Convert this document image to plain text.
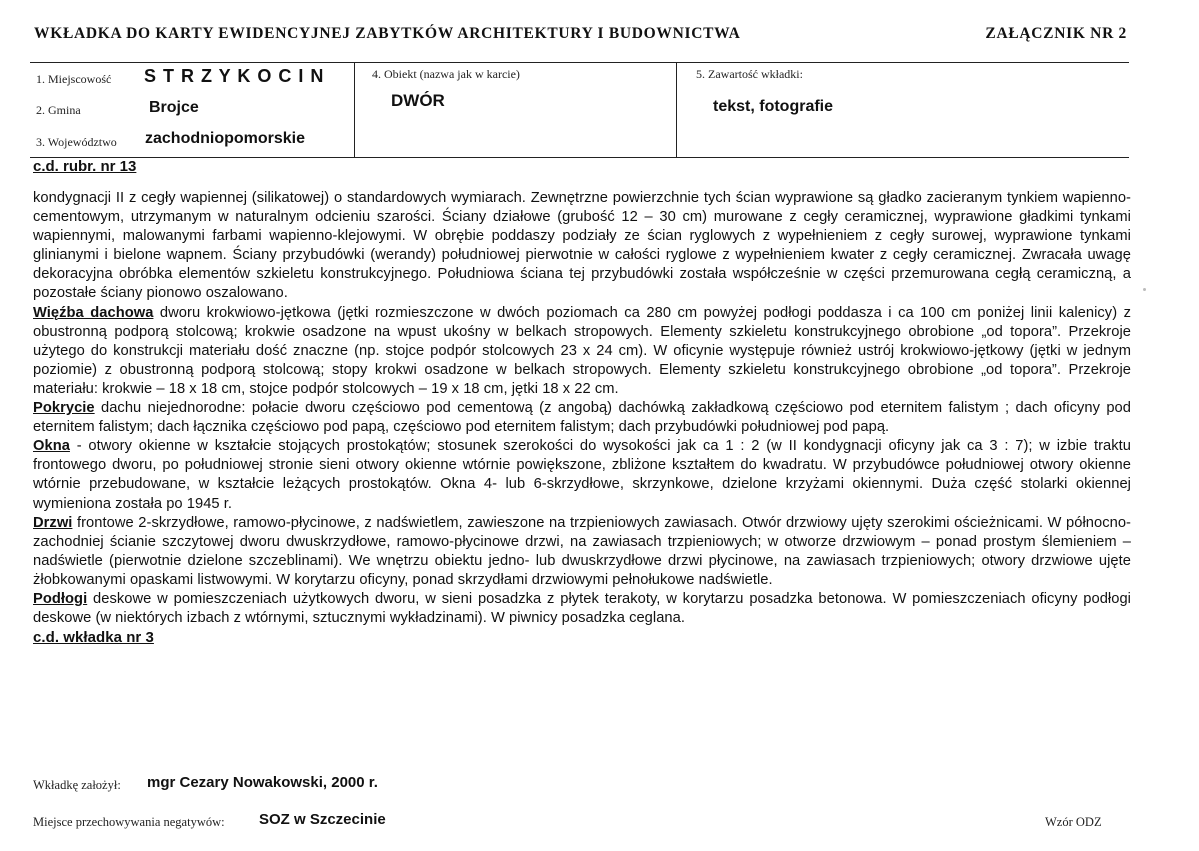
WKŁADKA DO KARTY EWIDENCYJNEJ ZABYTKÓW ARCHITEKTURY I BUDOWNICTWA	ZAŁĄCZNIK NR 2
1. Miejscowość S T R Z Y K O C I N
2. Gmina	Brojce
3. Województwo zachodniopomorskie
4. Obiekt (nazwa jak w karcie)
DWÓR
5. Zawartość wkładki:
tekst, fotografie
c.d. rubr. nr 13

kondygnacji II z cegły wapiennej (silikatowej) o standardowych wymiarach. Zewnętrzne powierzchnie tych ścian wyprawione są gładko zacieranym tynkiem wapienno-cementowym, utrzymanym w naturalnym odcieniu szarości. Ściany działowe (grubość 12 – 30 cm) murowane z cegły ceramicznej, wyprawione gładkimi tynkami wapiennymi, malowanymi farbami wapienno-klejowymi. W obrębie poddaszy podziały ze ścian ryglowych z wypełnieniem z cegły surowej, wyprawione tynkami glinianymi i bielone wapnem. Ściany przybudówki (werandy) południowej pierwotnie w całości ryglowe z wypełnieniem kwater z cegły ceramicznej. Zwracała uwagę dekoracyjna obróbka elementów szkieletu konstrukcyjnego. Południowa ściana tej przybudówki została współcześnie w części przemurowana cegłą ceramiczną, a pozostałe ściany pionowo oszalowano.

Więźba dachowa dworu krokwiowo-jętkowa (jętki rozmieszczone w dwóch poziomach ca 280 cm powyżej podłogi poddasza i ca 100 cm poniżej linii kalenicy) z obustronną podporą stolcową; krokwie osadzone na wpust ukośny w belkach stropowych. Elementy szkieletu konstrukcyjnego obrobione „od topora”. Przekroje użytego do konstrukcji materiału dość znaczne (np. stojce podpór stolcowych 23 x 24 cm). W oficynie występuje również ustrój krokwiowo-jętkowy (jętki w jednym poziomie) z obustronną podporą stolcową; stopy krokwi osadzone w belkach stropowych. Elementy szkieletu konstrukcyjnego obrobione „od topora”. Przekroje materiału: krokwie – 18 x 18 cm, stojce podpór stolcowych – 19 x 18 cm, jętki 18 x 22 cm.

Pokrycie dachu niejednorodne: połacie dworu częściowo pod cementową (z angobą) dachówką zakładkową częściowo pod eternitem falistym ; dach oficyny pod eternitem falistym; dach łącznika częściowo pod papą, częściowo pod eternitem falistym; dach przybudówki południowej pod papą.

Okna - otwory okienne w kształcie stojących prostokątów; stosunek szerokości do wysokości jak ca 1 : 2 (w II kondygnacji oficyny jak ca 3 : 7); w izbie traktu frontowego dworu, po południowej stronie sieni otwory okienne wtórnie powiększone, zbliżone kształtem do kwadratu. W przybudówce południowej otwory okienne wtórnie przebudowane, w kształcie leżących prostokątów. Okna 4- lub 6-skrzydłowe, skrzynkowe, dzielone krzyżami okiennymi. Duża część stolarki okiennej wymieniona została po 1945 r.

Drzwi frontowe 2-skrzydłowe, ramowo-płycinowe, z nadświetlem, zawieszone na trzpieniowych zawiasach. Otwór drzwiowy ujęty szerokimi ościeżnicami. W północno-zachodniej ścianie szczytowej dworu dwuskrzydłowe, ramowo-płycinowe drzwi, na zawiasach trzpieniowych; w otworze drzwiowym – ponad prostym ślemieniem – nadświetle (pierwotnie dzielone szczeblinami). We wnętrzu obiektu jedno- lub dwuskrzydłowe drzwi płycinowe, na zawiasach trzpieniowych; otwory drzwiowe ujęte żłobkowanymi opaskami listwowymi. W korytarzu oficyny, ponad skrzydłami drzwiowymi pełnołukowe nadświetle.

Podłogi deskowe w pomieszczeniach użytkowych dworu, w sieni posadzka z płytek terakoty, w korytarzu posadzka betonowa. W pomieszczeniach oficyny podłogi deskowe (w niektórych izbach z wtórnymi, sztucznymi wykładzinami). W piwnicy posadzka ceglana.

c.d. wkładka nr 3

Wkładkę założył: mgr Cezary Nowakowski, 2000 r.
Miejsce przechowywania negatywów: SOZ w Szczecinie	Wzór ODZ
